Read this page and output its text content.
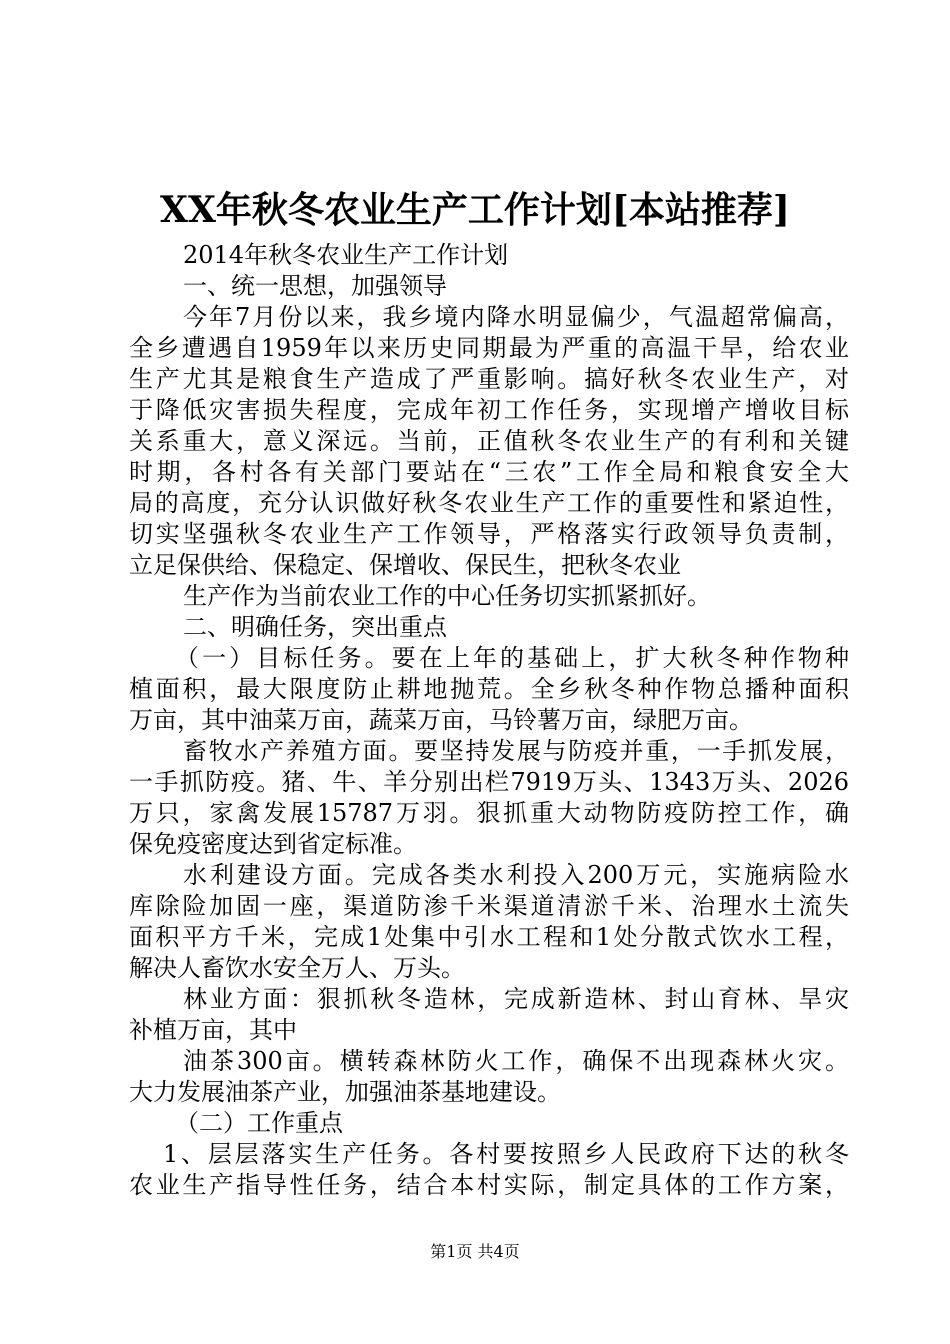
XX年秋冬农业生产工作计划[本站推荐]
2014年秋冬农业生产工作计划
一、统一思想，加强领导
今年7月份以来，我乡境内降水明显偏少，气温超常偏高，
全乡遭遇自1959年以来历史同期最为严重的高温干旱，给农业
生产尤其是粮食生产造成了严重影响。搞好秋冬农业生产，对
于降低灾害损失程度，完成年初工作任务，实现增产增收目标
关系重大，意义深远。当前，正值秋冬农业生产的有利和关键
时期，各村各有关部门要站在“三农”工作全局和粮食安全大
局的高度，充分认识做好秋冬农业生产工作的重要性和紧迫性，
切实坚强秋冬农业生产工作领导，严格落实行政领导负责制，
立足保供给、保稳定、保增收、保民生，把秋冬农业
生产作为当前农业工作的中心任务切实抓紧抓好。
二、明确任务，突出重点
（一）目标任务。要在上年的基础上，扩大秋冬种作物种
植面积，最大限度防止耕地抛荒。全乡秋冬种作物总播种面积
万亩，其中油菜万亩，蔬菜万亩，马铃薯万亩，绿肥万亩。
畜牧水产养殖方面。要坚持发展与防疫并重，一手抓发展，
一手抓防疫。猪、牛、羊分别出栏7919万头、1343万头、2026
万只，家禽发展15787万羽。狠抓重大动物防疫防控工作，确
保免疫密度达到省定标准。
水利建设方面。完成各类水利投入200万元，实施病险水
库除险加固一座，渠道防渗千米渠道清淤千米、治理水土流失
面积平方千米，完成1处集中引水工程和1处分散式饮水工程，
解决人畜饮水安全万人、万头。
林业方面：狠抓秋冬造林，完成新造林、封山育林、旱灾
补植万亩，其中
油茶300亩。横转森林防火工作，确保不出现森林火灾。
大力发展油茶产业，加强油茶基地建设。
（二）工作重点
1、层层落实生产任务。各村要按照乡人民政府下达的秋冬
农业生产指导性任务，结合本村实际，制定具体的工作方案，
第1页 共4页
